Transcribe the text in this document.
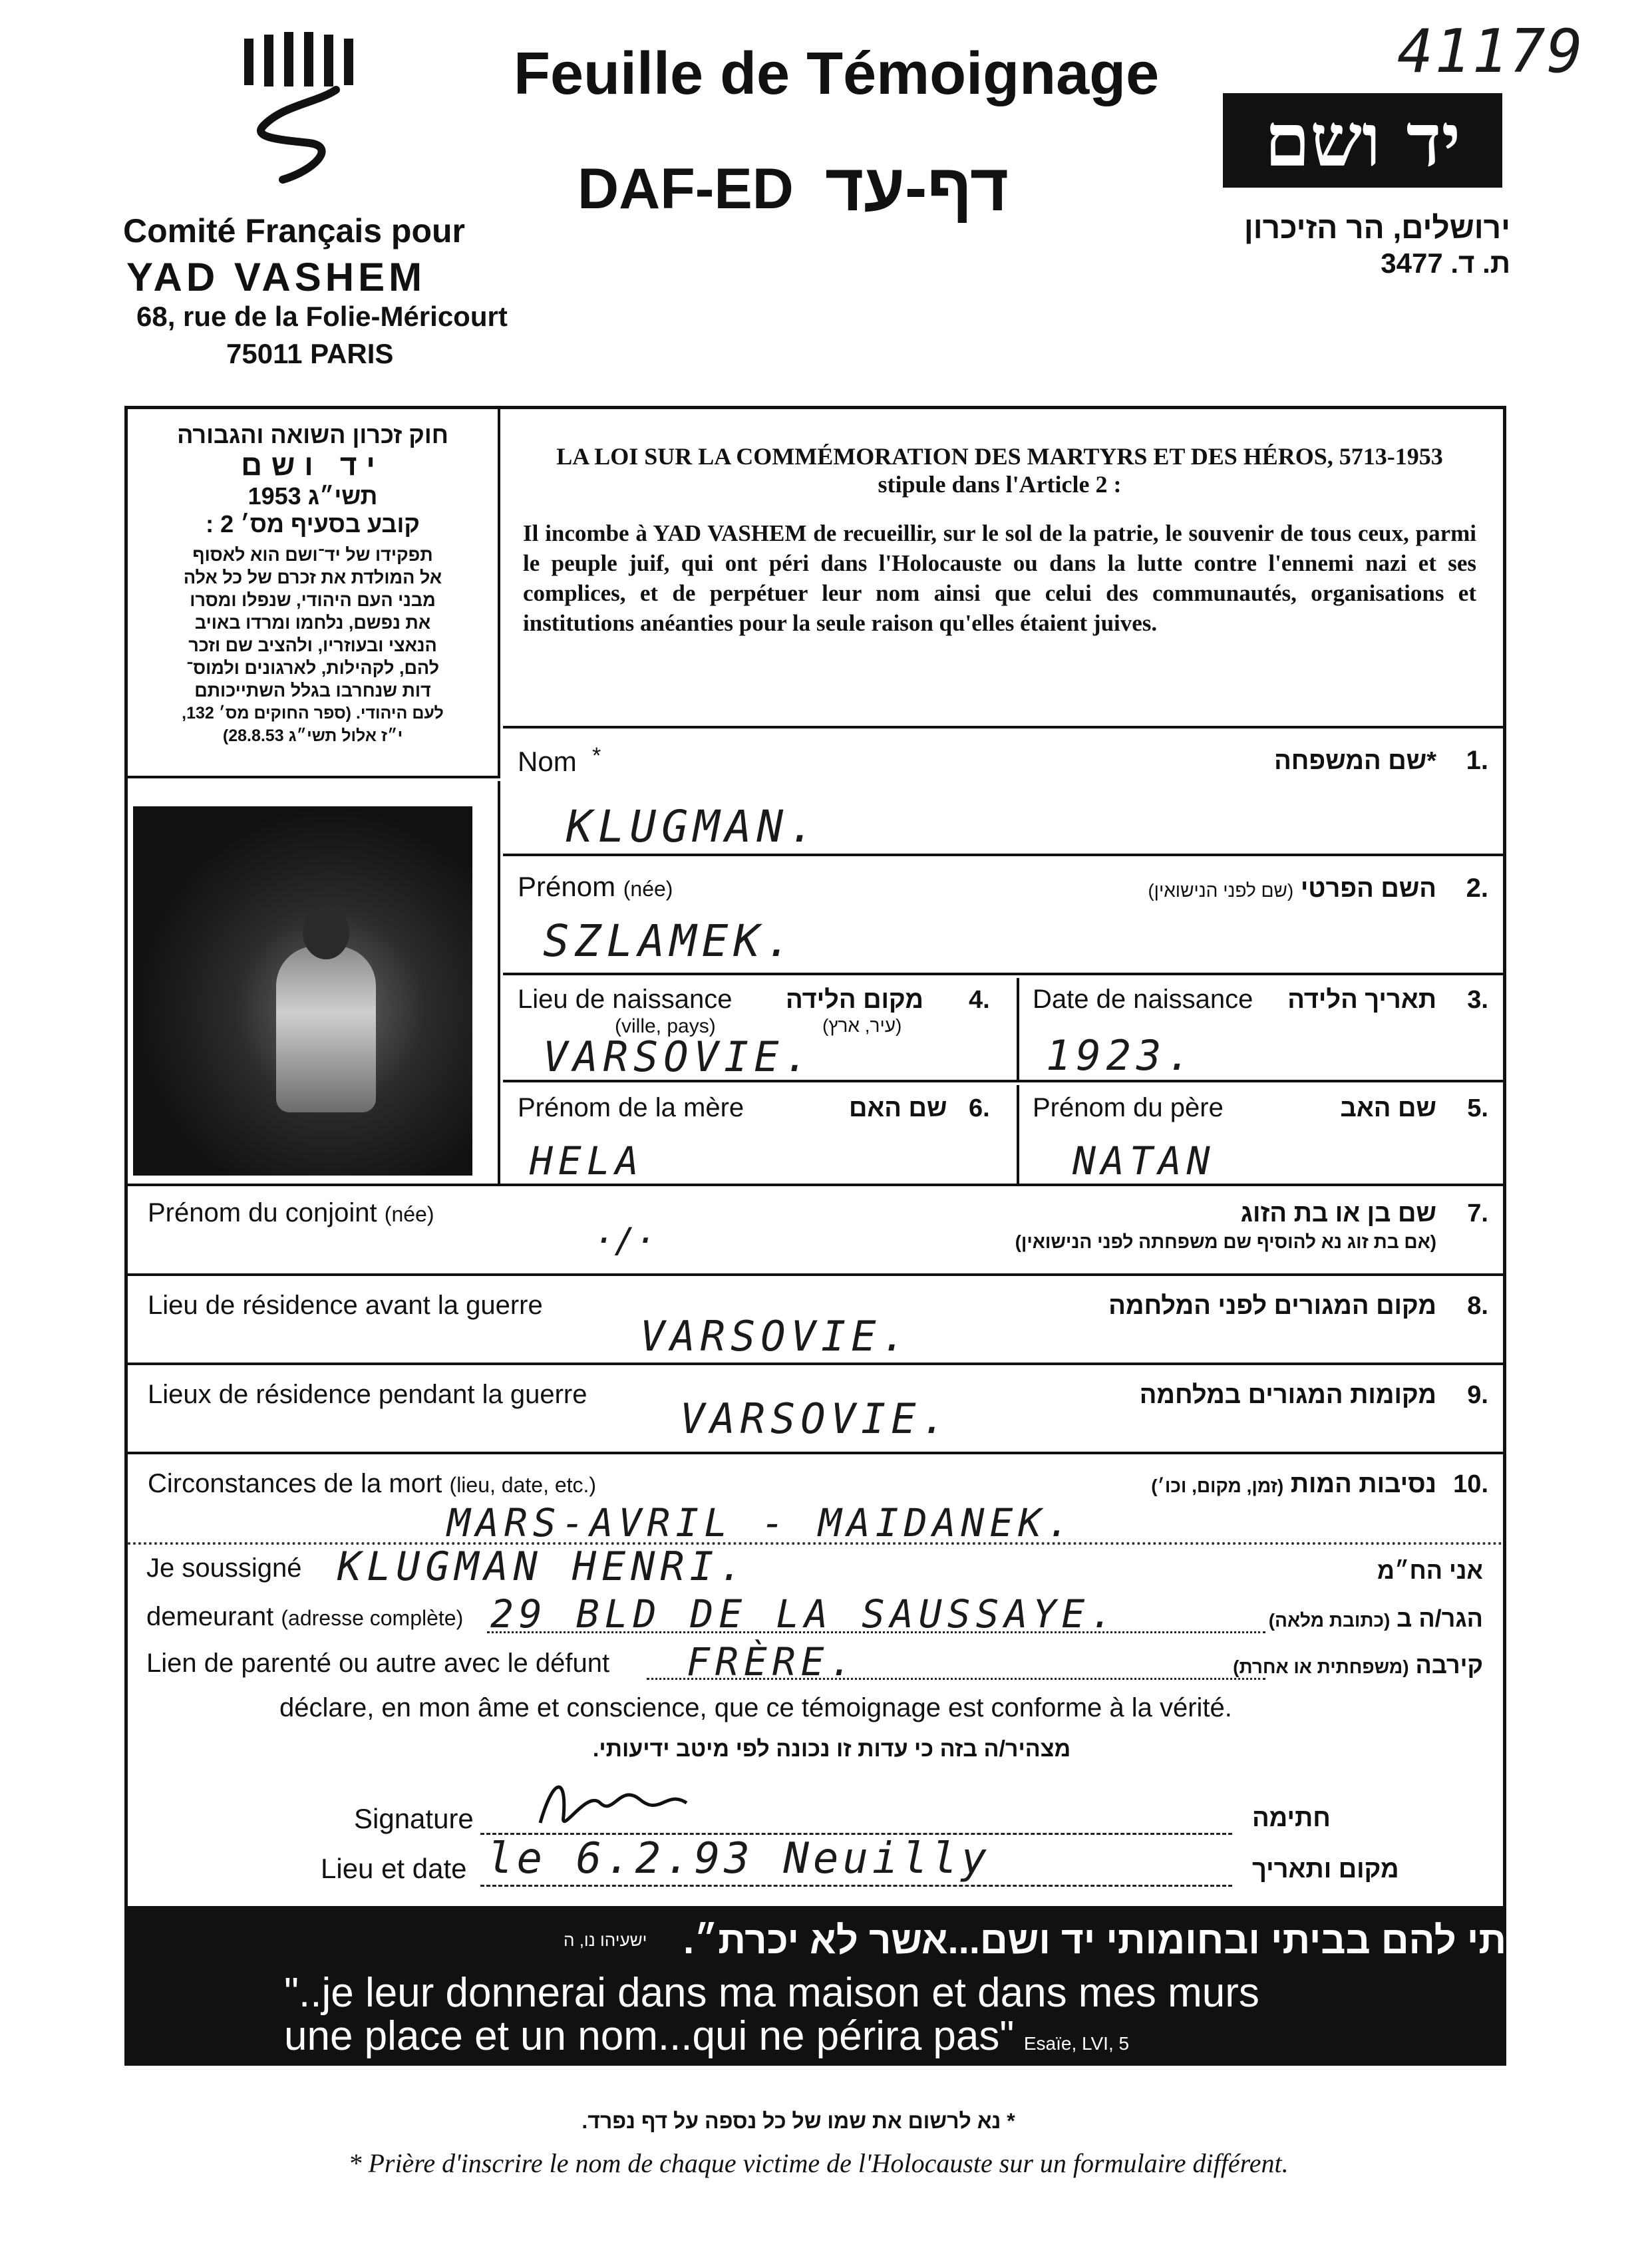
Comité Français pour
YAD VASHEM
68, rue de la Folie-Méricourt
75011 PARIS
Feuille de Témoignage
DAF-ED דף-עד
41179
יד ושם
ירושלים, הר הזיכרון
ת. ד. 3477
חוק זכרון השואה והגבורה
יד ושם
תשי״ג 1953
קובע בסעיף מס׳ 2 :
תפקידו של יד־ושם הוא לאסוף
אל המולדת את זכרם של כל אלה
מבני העם היהודי, שנפלו ומסרו
את נפשם, נלחמו ומרדו באויב
הנאצי ובעוזריו, ולהציב שם וזכר
להם, לקהילות, לארגונים ולמוס־
דות שנחרבו בגלל השתייכותם
לעם היהודי. (ספר החוקים מס׳ 132,
י״ז אלול תשי״ג 28.8.53)
LA LOI SUR LA COMMÉMORATION DES MARTYRS ET DES HÉROS, 5713-1953
stipule dans l'Article 2 :
Il incombe à YAD VASHEM de recueillir, sur le sol de la patrie, le souvenir de tous ceux, parmi le peuple juif, qui ont péri dans l'Holocauste ou dans la lutte contre l'ennemi nazi et ses complices, et de perpétuer leur nom ainsi que celui des communautés, organisations et institutions anéanties pour la seule raison qu'elles étaient juives.
Nom *	*שם המשפחה	1.
KLUGMAN.
Prénom (née)	השם הפרטי (שם לפני הנישואין)	2.
SZLAMEK.
Lieu de naissance
(ville, pays)
מקום הלידה
(עיר, ארץ)
4.
VARSOVIE.
Date de naissance תאריך הלידה 3.
1923.
Prénom de la mère	שם האם 6.
HELA
Prénom du père	שם האב 5.
NATAN
Prénom du conjoint (née)	שם בן או בת הזוג
(אם בת זוג נא להוסיף שם משפחתה לפני הנישואין)
7.
·/·
Lieu de résidence avant la guerre	מקום המגורים לפני המלחמה 8.
VARSOVIE.
Lieux de résidence pendant la guerre	מקומות המגורים במלחמה 9.
VARSOVIE.
Circonstances de la mort (lieu, date, etc.)	נסיבות המות (זמן, מקום, וכו׳)	10.
MARS-AVRIL - MAIDANEK.
Je soussigné KLUGMAN HENRI.	אני הח״מ
demeurant (adresse complète) 29 BLD DE LA SAUSSAYE.	הגר/ה ב (כתובת מלאה)
Lien de parenté ou autre avec le défunt FRÈRE.	קירבה (משפחתית או אחרת)
déclare, en mon âme et conscience, que ce témoignage est conforme à la vérité.
מצהיר/ה בזה כי עדות זו נכונה לפי מיטב ידיעותי.
Signature	חתימה
Lieu et date le 6.2.93 Neuilly	מקום ותאריך
ישעיהו נו, ה ..ונתתי להם בביתי ובחומותי יד ושם...אשר לא יכרת״.
"..je leur donnerai dans ma maison et dans mes murs
une place et un nom...qui ne périra pas" Esaïe, LVI, 5
* נא לרשום את שמו של כל נספה על דף נפרד.
* Prière d'inscrire le nom de chaque victime de l'Holocauste sur un formulaire différent.
